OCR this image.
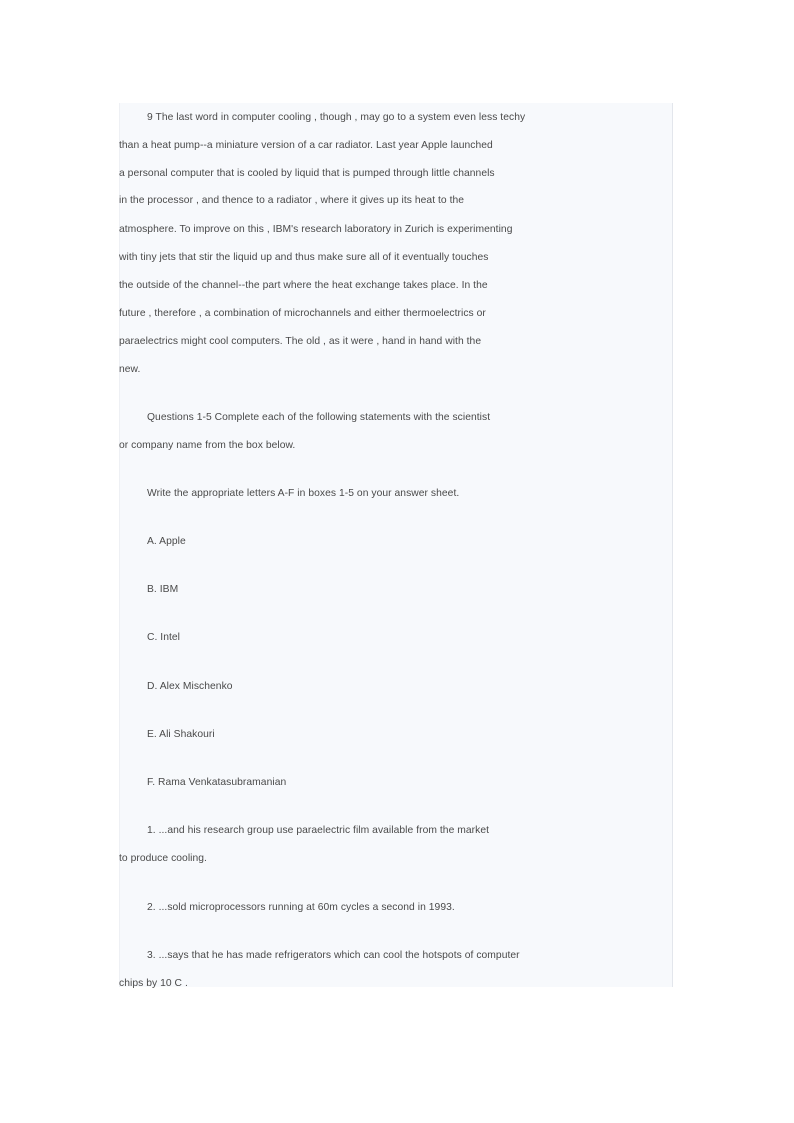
9 The last word in computer cooling , though , may go to a system even less techy
than a heat pump--a miniature version of a car radiator. Last year Apple launched
a personal computer that is cooled by liquid that is pumped through little channels
in the processor , and thence to a radiator , where it gives up its heat to the
atmosphere. To improve on this , IBM's research laboratory in Zurich is experimenting
with tiny jets that stir the liquid up and thus make sure all of it eventually touches
the outside of the channel--the part where the heat exchange takes place. In the
future , therefore , a combination of microchannels and either thermoelectrics or
paraelectrics might cool computers. The old , as it were , hand in hand with the
new.
Questions 1-5 Complete each of the following statements with the scientist
or company name from the box below.
Write the appropriate letters A-F in boxes 1-5 on your answer sheet.
A. Apple
B. IBM
C. Intel
D. Alex Mischenko
E. Ali Shakouri
F. Rama Venkatasubramanian
1. ...and his research group use paraelectric film available from the market
to produce cooling.
2. ...sold microprocessors running at 60m cycles a second in 1993.
3. ...says that he has made refrigerators which can cool the hotspots of computer
chips by 10 C .
